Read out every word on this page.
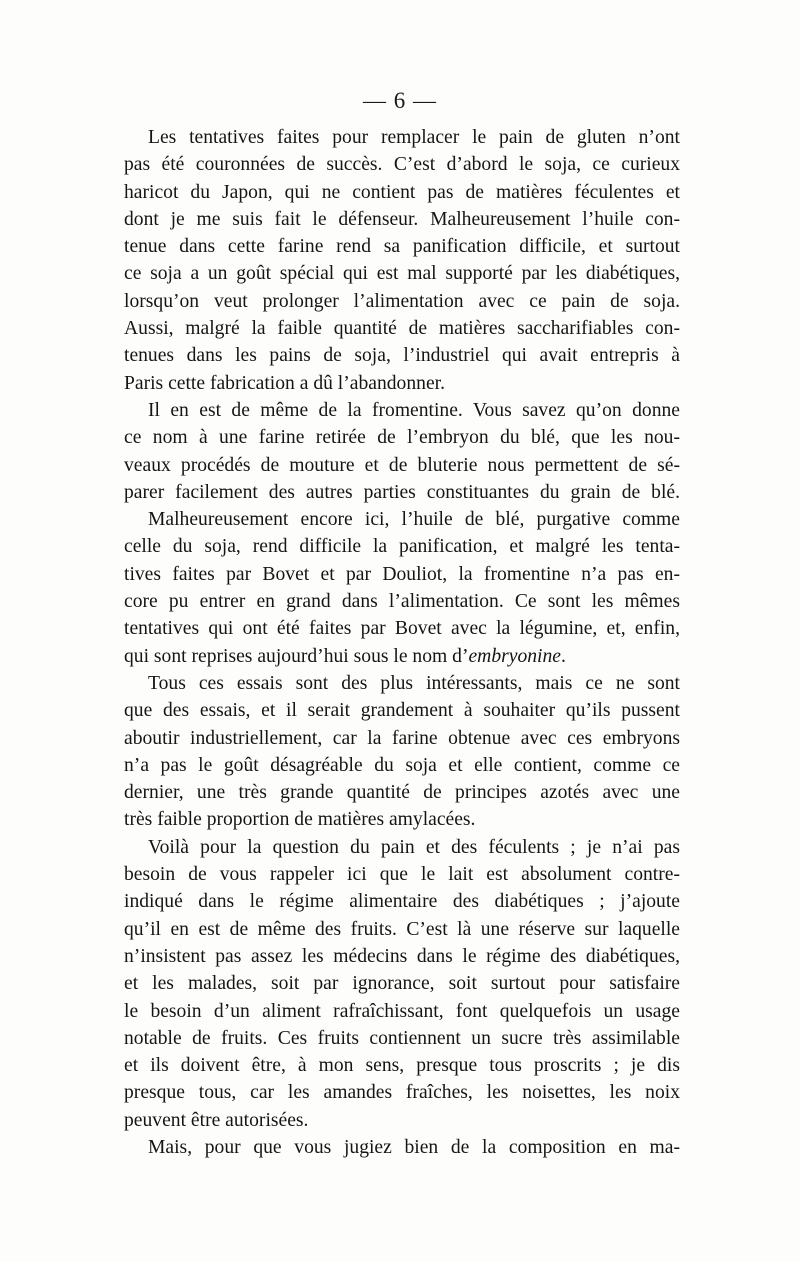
— 6 —
Les tentatives faites pour remplacer le pain de gluten n’ont
pas été couronnées de succès. C’est d’abord le soja, ce curieux
haricot du Japon, qui ne contient pas de matières féculentes et
dont je me suis fait le défenseur. Malheureusement l’huile con-
tenue dans cette farine rend sa panification difficile, et surtout
ce soja a un goût spécial qui est mal supporté par les diabétiques,
lorsqu’on veut prolonger l’alimentation avec ce pain de soja.
Aussi, malgré la faible quantité de matières saccharifiables con-
tenues dans les pains de soja, l’industriel qui avait entrepris à
Paris cette fabrication a dû l’abandonner.
Il en est de même de la fromentine. Vous savez qu’on donne
ce nom à une farine retirée de l’embryon du blé, que les nou-
veaux procédés de mouture et de bluterie nous permettent de sé-
parer facilement des autres parties constituantes du grain de blé.
Malheureusement encore ici, l’huile de blé, purgative comme
celle du soja, rend difficile la panification, et malgré les tenta-
tives faites par Bovet et par Douliot, la fromentine n’a pas en-
core pu entrer en grand dans l’alimentation. Ce sont les mêmes
tentatives qui ont été faites par Bovet avec la légumine, et, enfin,
qui sont reprises aujourd’hui sous le nom d’embryonine.
Tous ces essais sont des plus intéressants, mais ce ne sont
que des essais, et il serait grandement à souhaiter qu’ils pussent
aboutir industriellement, car la farine obtenue avec ces embryons
n’a pas le goût désagréable du soja et elle contient, comme ce
dernier, une très grande quantité de principes azotés avec une
très faible proportion de matières amylacées.
Voilà pour la question du pain et des féculents ; je n’ai pas
besoin de vous rappeler ici que le lait est absolument contre-
indiqué dans le régime alimentaire des diabétiques ; j’ajoute
qu’il en est de même des fruits. C’est là une réserve sur laquelle
n’insistent pas assez les médecins dans le régime des diabétiques,
et les malades, soit par ignorance, soit surtout pour satisfaire
le besoin d’un aliment rafraîchissant, font quelquefois un usage
notable de fruits. Ces fruits contiennent un sucre très assimilable
et ils doivent être, à mon sens, presque tous proscrits ; je dis
presque tous, car les amandes fraîches, les noisettes, les noix
peuvent être autorisées.
Mais, pour que vous jugiez bien de la composition en ma-
